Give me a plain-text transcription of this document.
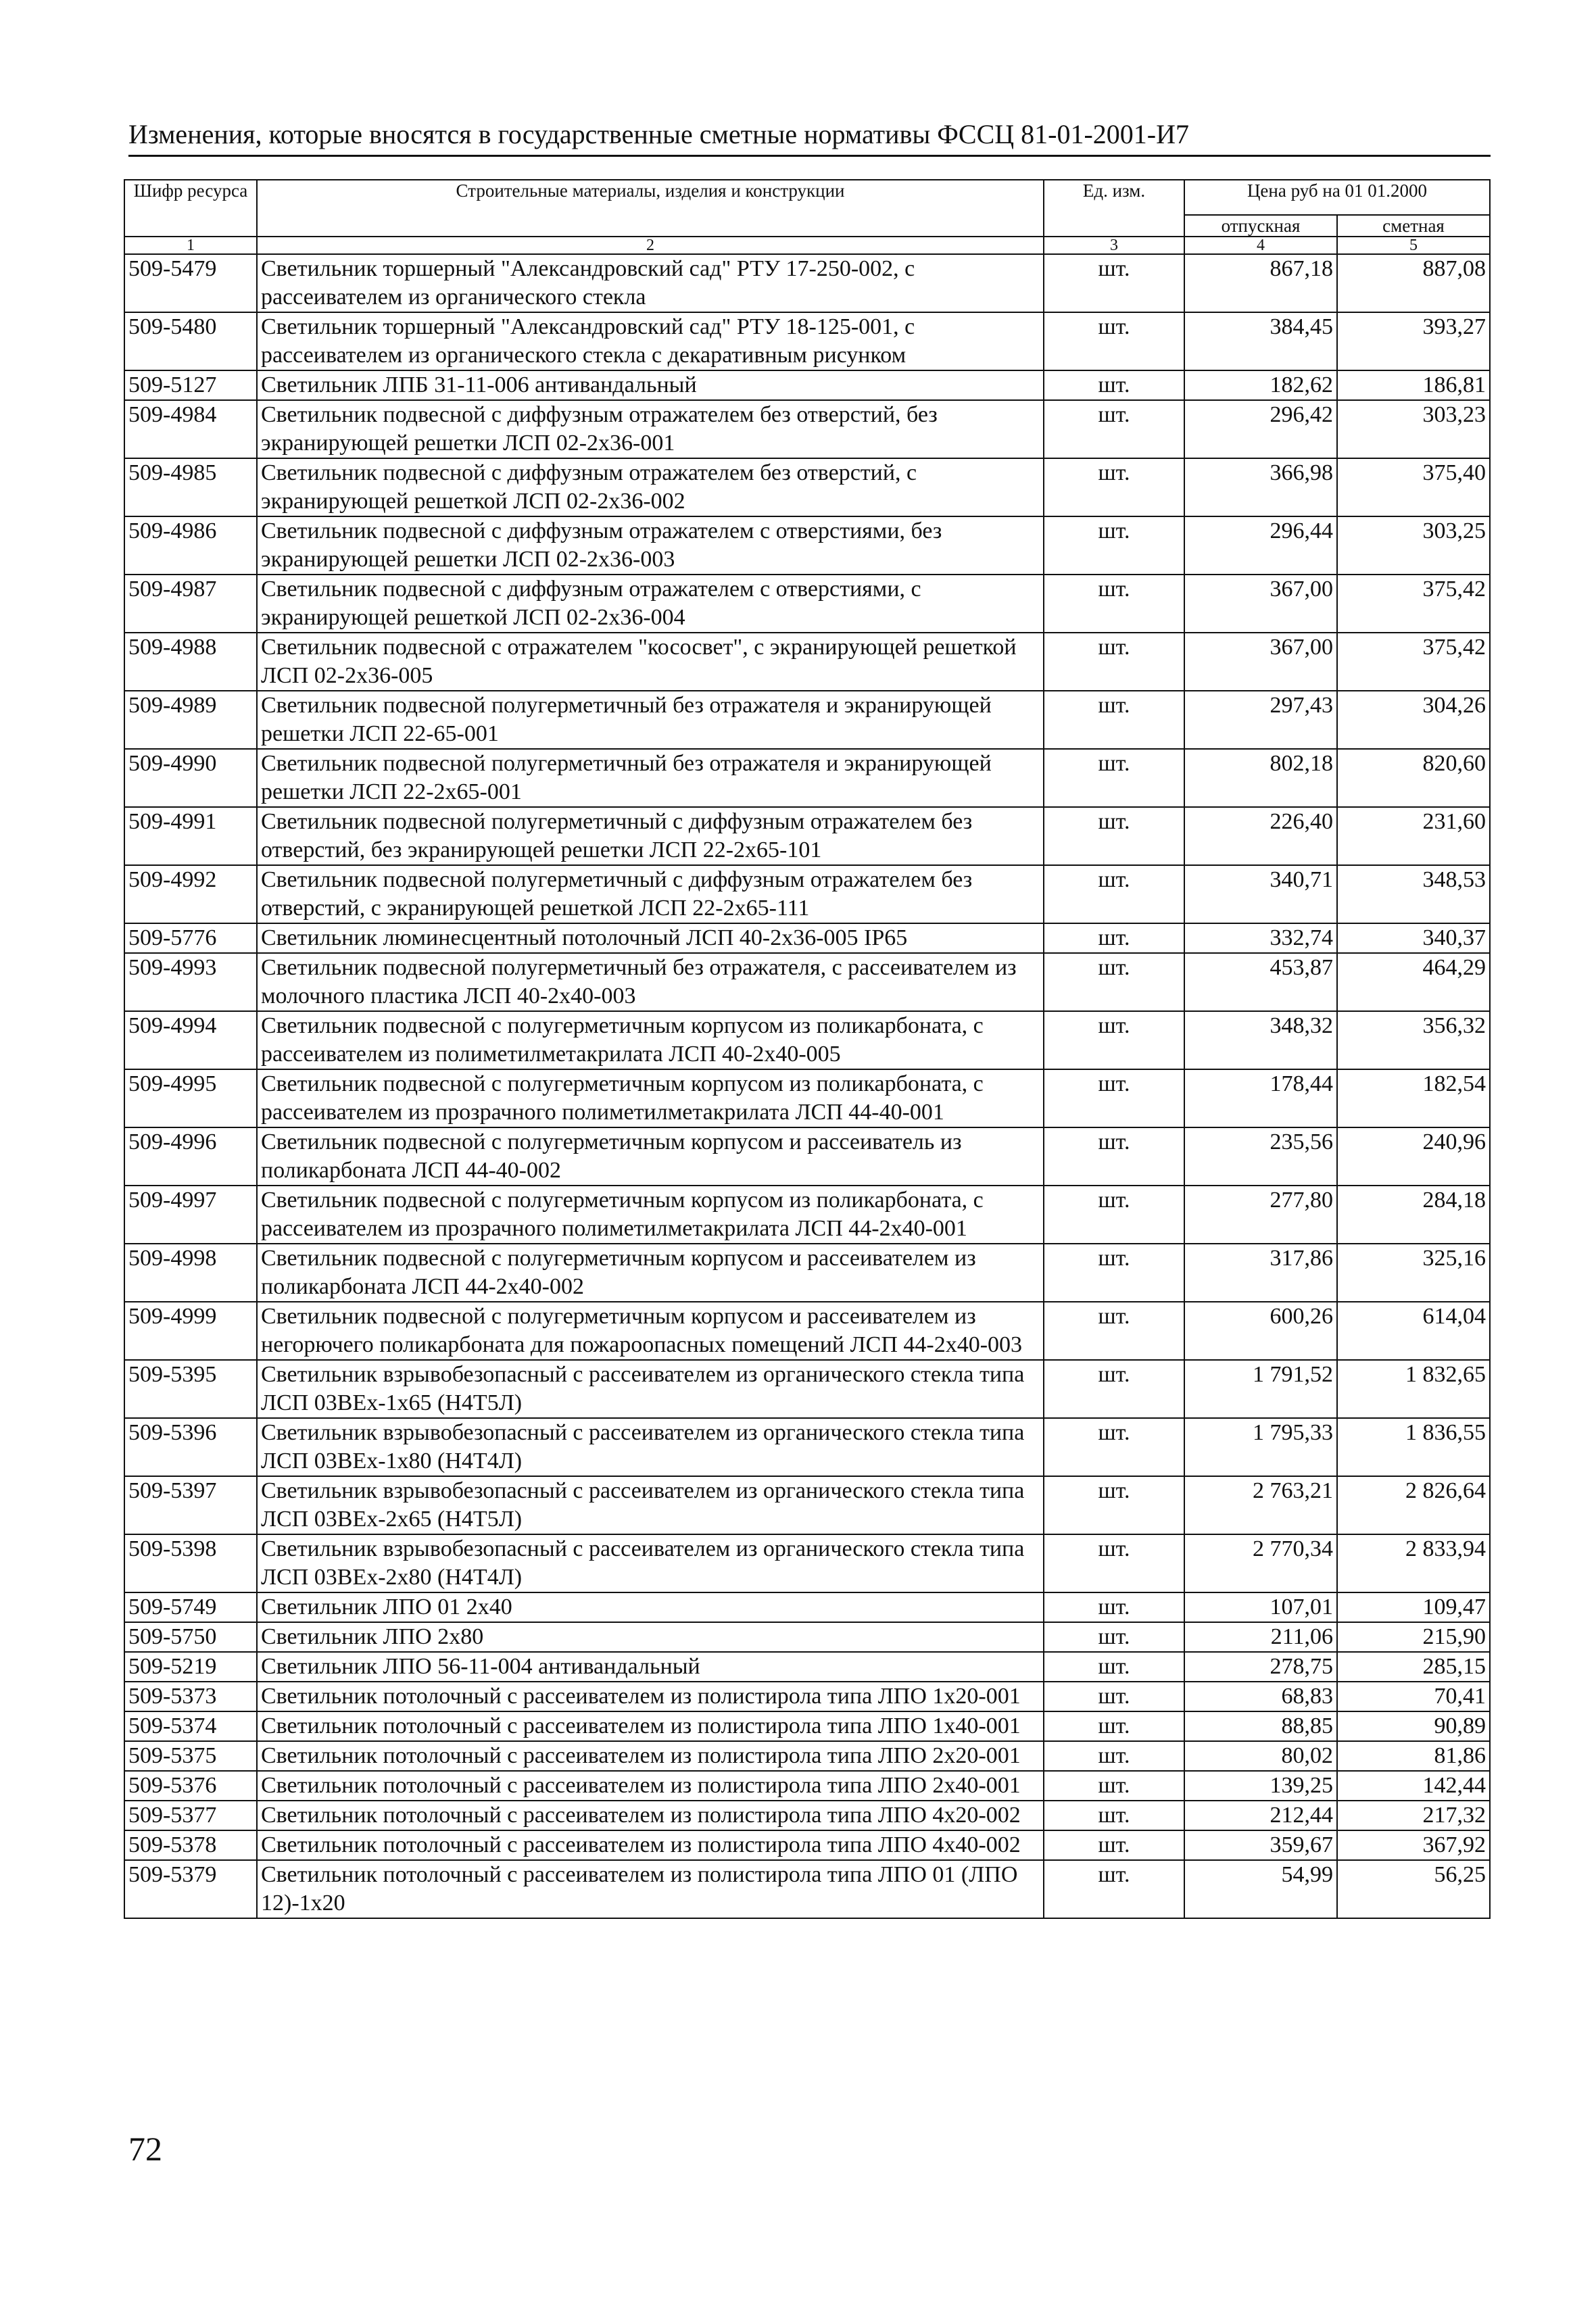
Изменения, которые вносятся в государственные сметные нормативы ФССЦ 81-01-2001-И7
Шифр ресурса	Строительные материалы, изделия и конструкции	Ед. изм.	Цена руб на 01 01.2000	
			отпускная	сметная
1	2	3	4	5
509-5479	Светильник торшерный "Александровский сад" РТУ 17-250-002, с рассеивателем из органического стекла	шт.	867,18	887,08
509-5480	Светильник торшерный "Александровский сад" РТУ 18-125-001, с рассеивателем из органического стекла с декаративным рисунком	шт.	384,45	393,27
509-5127	Светильник ЛПБ 31-11-006 антивандальный	шт.	182,62	186,81
509-4984	Светильник подвесной с диффузным отражателем без отверстий, без экранирующей решетки ЛСП 02-2х36-001	шт.	296,42	303,23
509-4985	Светильник подвесной с диффузным отражателем без отверстий, с экранирующей решеткой ЛСП 02-2х36-002	шт.	366,98	375,40
509-4986	Светильник подвесной с диффузным отражателем с отверстиями, без экранирующей решетки ЛСП 02-2х36-003	шт.	296,44	303,25
509-4987	Светильник подвесной с диффузным отражателем с отверстиями, с экранирующей решеткой ЛСП 02-2х36-004	шт.	367,00	375,42
509-4988	Светильник подвесной с отражателем "кососвет", с экранирующей решеткой ЛСП 02-2х36-005	шт.	367,00	375,42
509-4989	Светильник подвесной полугерметичный без отражателя и экранирующей решетки ЛСП 22-65-001	шт.	297,43	304,26
509-4990	Светильник подвесной полугерметичный без отражателя и экранирующей решетки ЛСП 22-2х65-001	шт.	802,18	820,60
509-4991	Светильник подвесной полугерметичный с диффузным отражателем без отверстий, без экранирующей решетки ЛСП 22-2х65-101	шт.	226,40	231,60
509-4992	Светильник подвесной полугерметичный с диффузным отражателем без отверстий, с экранирующей решеткой ЛСП 22-2х65-111	шт.	340,71	348,53
509-5776	Светильник люминесцентный потолочный ЛСП 40-2х36-005 IP65	шт.	332,74	340,37
509-4993	Светильник подвесной полугерметичный без отражателя, с рассеивателем из молочного пластика ЛСП 40-2х40-003	шт.	453,87	464,29
509-4994	Светильник подвесной с полугерметичным корпусом из поликарбоната, с рассеивателем из полиметилметакрилата ЛСП 40-2х40-005	шт.	348,32	356,32
509-4995	Светильник подвесной с полугерметичным корпусом из поликарбоната, с рассеивателем из прозрачного полиметилметакрилата ЛСП 44-40-001	шт.	178,44	182,54
509-4996	Светильник подвесной с полугерметичным корпусом и рассеиватель из поликарбоната ЛСП 44-40-002	шт.	235,56	240,96
509-4997	Светильник подвесной с полугерметичным корпусом из поликарбоната, с рассеивателем из прозрачного полиметилметакрилата ЛСП 44-2х40-001	шт.	277,80	284,18
509-4998	Светильник подвесной с полугерметичным корпусом и рассеивателем из поликарбоната ЛСП 44-2х40-002	шт.	317,86	325,16
509-4999	Светильник подвесной с полугерметичным корпусом и рассеивателем из негорючего поликарбоната для пожароопасных помещений ЛСП 44-2х40-003	шт.	600,26	614,04
509-5395	Светильник взрывобезопасный с рассеивателем из органического стекла типа ЛСП 03ВЕх-1х65 (Н4Т5Л)	шт.	1 791,52	1 832,65
509-5396	Светильник взрывобезопасный с рассеивателем из органического стекла типа ЛСП 03ВЕх-1х80 (Н4Т4Л)	шт.	1 795,33	1 836,55
509-5397	Светильник взрывобезопасный с рассеивателем из органического стекла типа ЛСП 03ВЕх-2х65 (Н4Т5Л)	шт.	2 763,21	2 826,64
509-5398	Светильник взрывобезопасный с рассеивателем из органического стекла типа ЛСП 03ВЕх-2х80 (Н4Т4Л)	шт.	2 770,34	2 833,94
509-5749	Светильник ЛПО 01 2х40	шт.	107,01	109,47
509-5750	Светильник ЛПО 2х80	шт.	211,06	215,90
509-5219	Светильник ЛПО 56-11-004 антивандальный	шт.	278,75	285,15
509-5373	Светильник потолочный с рассеивателем из полистирола типа ЛПО 1х20-001	шт.	68,83	70,41
509-5374	Светильник потолочный с рассеивателем из полистирола типа ЛПО 1х40-001	шт.	88,85	90,89
509-5375	Светильник потолочный с рассеивателем из полистирола типа ЛПО 2х20-001	шт.	80,02	81,86
509-5376	Светильник потолочный с рассеивателем из полистирола типа ЛПО 2х40-001	шт.	139,25	142,44
509-5377	Светильник потолочный с рассеивателем из полистирола типа ЛПО 4х20-002	шт.	212,44	217,32
509-5378	Светильник потолочный с рассеивателем из полистирола типа ЛПО 4х40-002	шт.	359,67	367,92
509-5379	Светильник потолочный с рассеивателем из полистирола типа ЛПО 01 (ЛПО 12)-1х20	шт.	54,99	56,25
72
